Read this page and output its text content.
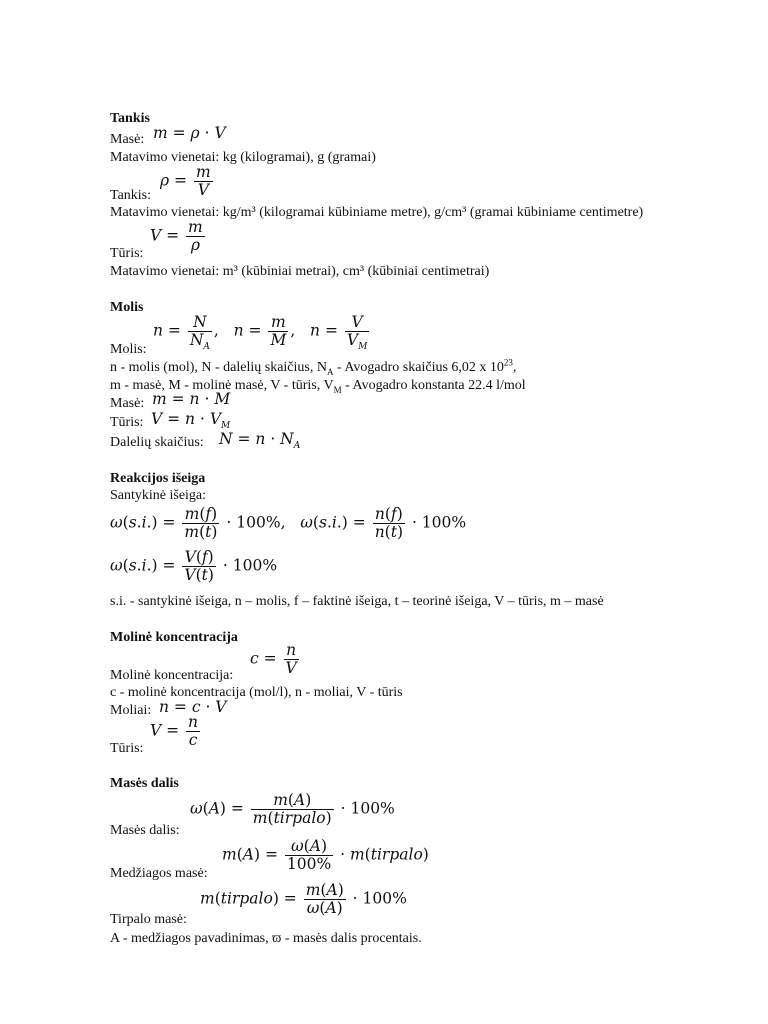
Tankis
Masė: m = ρ · V
Matavimo vienetai: kg (kilogramai), g (gramai)
Tankis:
$\rho = \frac{m}{V}$
Matavimo vienetai: kg/m³ (kilogramai kūbiniame metre), g/cm³ (gramai kūbiniame centimetre)
Tūris:
$V = \frac{m}{\rho}$
Matavimo vienetai: m³ (kūbiniai metrai), cm³ (kūbiniai centimetrai)
Molis
Molis:
$n = \frac{N}{N_A}$ ,   $n = \frac{m}{M}$ ,   $n = \frac{V}{V_M}$
n - molis (mol), N - dalelių skaičius, $N_A$ - Avogadro skaičius 6,02 x $10^{23}$,
m - masė, M - molinė masė, V - tūris, $V_M$ - Avogadro konstanta 22.4 l/mol
Masė: m = n · M
Tūris: $V = n \cdot V_M$
Dalelių skaičius: $N = n \cdot N_A$
Reakcijos išeiga
Santykinė išeiga:
$\omega(s.i.) = \frac{m(f)}{m(t)} \cdot 100\%$,   $\omega(s.i.) = \frac{n(f)}{n(t)} \cdot 100\%$
$\omega(s.i.) = \frac{V(f)}{V(t)} \cdot 100\%$
s.i. - santykinė išeiga, n – molis, f – faktinė išeiga, t – teorinė išeiga, V – tūris, m – masė
Molinė koncentracija
Molinė koncentracija:
$c = \frac{n}{V}$
c - molinė koncentracija (mol/l), n - moliai, V - tūris
Moliai: n = c · V
Tūris:
$V = \frac{n}{c}$
Masės dalis
Masės dalis:
$\omega(A) = \frac{m(A)}{\text{m(tirpalo)}} \cdot 100\%$
Medžiagos masė:
$m(A) = \frac{\omega(A)}{100\%}$ · m(tirpalo)
Tirpalo masė:
m(tirpalo) = $\frac{m(A)}{\omega(A)} \cdot 100\%$
A - medžiagos pavadinimas, ϖ - masės dalis procentais.
